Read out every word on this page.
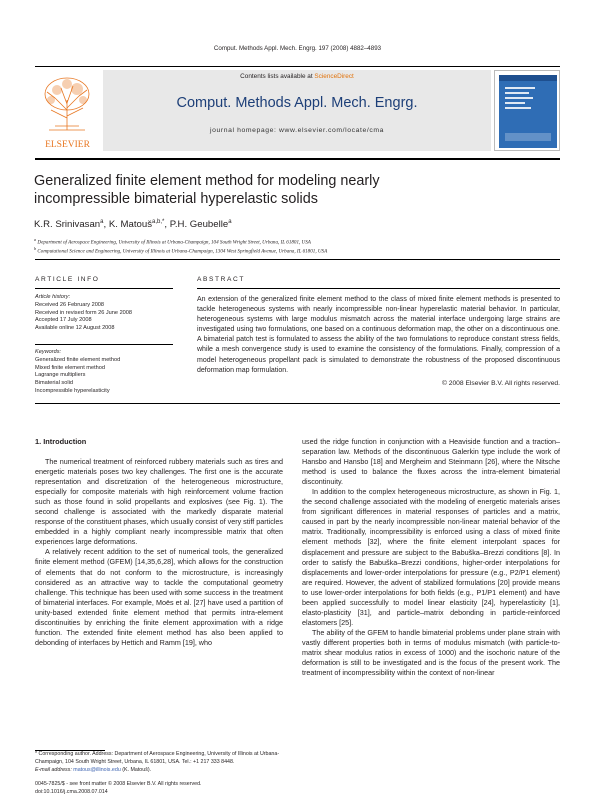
Comput. Methods Appl. Mech. Engrg. 197 (2008) 4882–4893
ELSEVIER
Contents lists available at ScienceDirect
Comput. Methods Appl. Mech. Engrg.
journal homepage: www.elsevier.com/locate/cma
Generalized finite element method for modeling nearly
incompressible bimaterial hyperelastic solids
K.R. Srinivasan$^a$, K. Matouš$^{a,b,*}$, P.H. Geubelle$^a$
$^a$ Department of Aerospace Engineering, University of Illinois at Urbana-Champaign, 104 South Wright Street, Urbana, IL 61801, USA
$^b$ Computational Science and Engineering, University of Illinois at Urbana-Champaign, 1304 West Springfield Avenue, Urbana, IL 61801, USA
ARTICLE INFO	ABSTRACT
Article history:
Received 26 February 2008
Received in revised form 26 June 2008
Accepted 17 July 2008
Available online 12 August 2008
Keywords:
Generalized finite element method
Mixed finite element method
Lagrange multipliers
Bimaterial solid
Incompressible hyperelasticity
An extension of the generalized finite element method to the class of mixed finite element methods is presented to tackle heterogeneous systems with nearly incompressible non-linear hyperelastic material behavior. In particular, heterogeneous systems with large modulus mismatch across the material interface undergoing large strains are investigated using two formulations, one based on a continuous deformation map, the other on a discontinuous one. A bimaterial patch test is formulated to assess the ability of the two formulations to reproduce constant stress fields, while a mesh convergence study is used to examine the consistency of the formulations. Finally, compression of a model heterogeneous propellant pack is simulated to demonstrate the robustness of the proposed discontinuous deformation map formulation.
© 2008 Elsevier B.V. All rights reserved.
1. Introduction

The numerical treatment of reinforced rubbery materials such as tires and energetic materials poses two key challenges. The first one is the accurate representation and discretization of the heterogeneous microstructure, especially for composite materials with high reinforcement volume fraction such as those found in solid propellants and explosives (see Fig. 1). The second challenge is associated with the markedly disparate material response of the constituent phases, which usually consist of very stiff particles embedded in a highly compliant nearly incompressible matrix that often experiences large deformations.

A relatively recent addition to the set of numerical tools, the generalized finite element method (GFEM) [14,35,6,28], which allows for the construction of elements that do not conform to the microstructure, is increasingly considered as an attractive way to tackle the computational geometry challenge. This technique has been used with some success in the treatment of bimaterial interfaces. For example, Moës et al. [27] have used a partition of unity-based extended finite element method that permits intra-element discontinuities by enriching the finite element approximation with a ridge function. The extended finite element method has also been applied to debonding of interfaces by Hettich and Ramm [19], who

used the ridge function in conjunction with a Heaviside function and a traction–separation law. Methods of the discontinuous Galerkin type include the work of Hansbo and Hansbo [18] and Mergheim and Steinmann [26], where the Nitsche method is used to balance the fluxes across the intra-element bimaterial discontinuity.

In addition to the complex heterogeneous microstructure, as shown in Fig. 1, the second challenge associated with the modeling of energetic materials arises from significant differences in material responses of particles and a matrix, caused in part by the nearly incompressible non-linear material behavior of the matrix. Traditionally, incompressibility is enforced using a class of mixed finite element methods [32], where the finite element interpolant spaces for displacement and pressure are subject to the Babuška–Brezzi conditions [8]. In order to satisfy the Babuška–Brezzi conditions, higher-order interpolations for displacements and lower-order interpolations for pressure (e.g., P2/P1 element) are required. However, the advent of stabilized formulations [20] provide means to use lower-order interpolations for both fields (e.g., P1/P1 element) and have been applied successfully to model linear elasticity [24], hyperelasticity [1], elasto-plasticity [31], and particle–matrix debonding in particle-reinforced elastomers [25].

The ability of the GFEM to handle bimaterial problems under plane strain with vastly different properties both in terms of modulus mismatch (with particle-to-matrix shear modulus ratios in excess of 1000) and the isochoric nature of the deformation is still to be investigated and is the focus of the present work. The treatment of incompressibility within the context of non-linear

* Corresponding author. Address: Department of Aerospace Engineering, University of Illinois at Urbana-Champaign, 104 South Wright Street, Urbana, IL 61801, USA. Tel.: +1 217 333 8448.
E-mail address: matous@illinois.edu (K. Matouš).
0045-7825/$ - see front matter © 2008 Elsevier B.V. All rights reserved.
doi:10.1016/j.cma.2008.07.014
